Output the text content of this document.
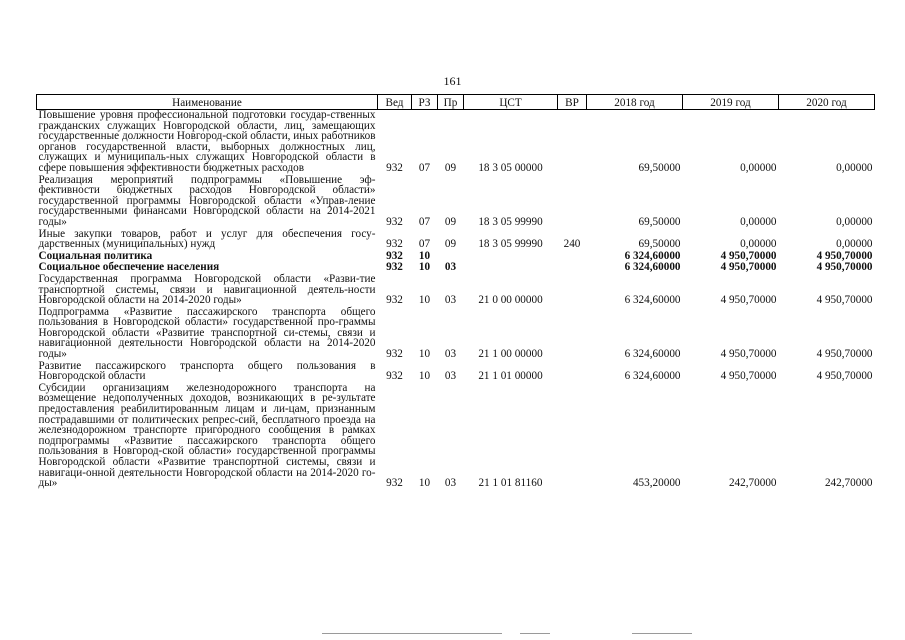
161
Наименование	Вед	РЗ	Пр	ЦСТ	ВР	2018 год	2019 год	2020 год
Повышение уровня профессиональной подготовки государ-ственных гражданских служащих Новгородской области, лиц, замещающих государственные должности Новгород-ской области, иных работников органов государственной власти, выборных должностных лиц, служащих и муниципаль-ных служащих Новгородской области в сфере повышения эффективности бюджетных расходов	932	07	09	18 3 05 00000		69,50000	0,00000	0,00000
Реализация мероприятий подпрограммы «Повышение эф-фективности бюджетных расходов Новгородской области» государственной программы Новгородской области «Управ-ление государственными финансами Новгородской области на 2014-2021 годы»	932	07	09	18 3 05 99990		69,50000	0,00000	0,00000
Иные закупки товаров, работ и услуг для обеспечения госу-дарственных (муниципальных) нужд	932	07	09	18 3 05 99990	240	69,50000	0,00000	0,00000
Социальная политика	932	10				6 324,60000	4 950,70000	4 950,70000
Социальное обеспечение населения	932	10	03			6 324,60000	4 950,70000	4 950,70000
Государственная программа Новгородской области «Разви-тие транспортной системы, связи и навигационной деятель-ности Новгородской области на 2014-2020 годы»	932	10	03	21 0 00 00000		6 324,60000	4 950,70000	4 950,70000
Подпрограмма «Развитие пассажирского транспорта общего пользования в Новгородской области» государственной про-граммы Новгородской области «Развитие транспортной си-стемы, связи и навигационной деятельности Новгородской области на 2014-2020 годы»	932	10	03	21 1 00 00000		6 324,60000	4 950,70000	4 950,70000
Развитие пассажирского транспорта общего пользования в Новгородской области	932	10	03	21 1 01 00000		6 324,60000	4 950,70000	4 950,70000
Субсидии организациям железнодорожного транспорта на возмещение недополученных доходов, возникающих в ре-зультате предоставления реабилитированным лицам и ли-цам, признанным пострадавшими от политических репрес-сий, бесплатного проезда на железнодорожном транспорте пригородного сообщения в рамках подпрограммы «Развитие пассажирского транспорта общего пользования в Новгород-ской области» государственной программы Новгородской области «Развитие транспортной системы, связи и навигаци-онной деятельности Новгородской области на 2014-2020 го-ды»	932	10	03	21 1 01 81160		453,20000	242,70000	242,70000
